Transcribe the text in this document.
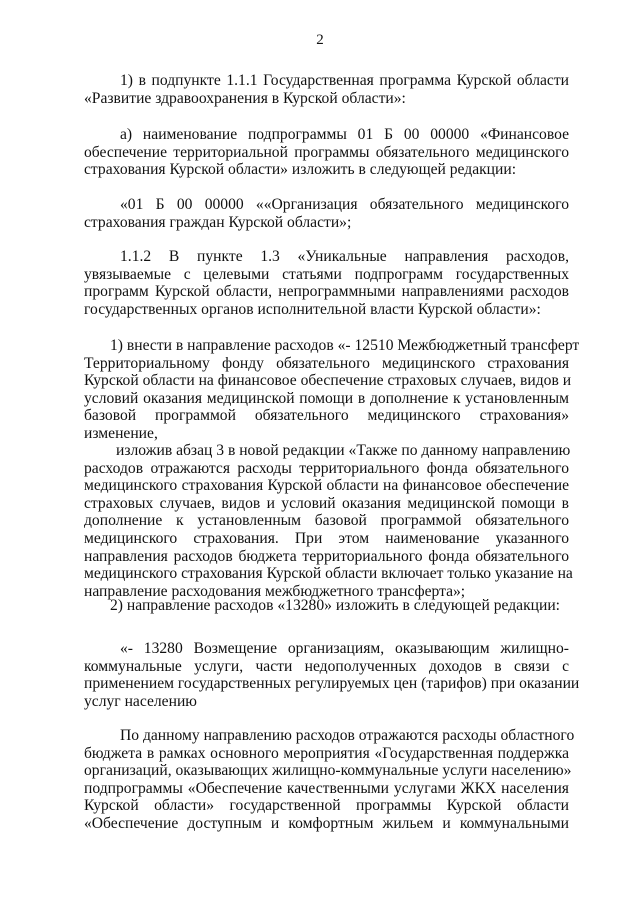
2
1) в подпункте 1.1.1 Государственная программа Курской области
«Развитие здравоохранения в Курской области»:
а) наименование подпрограммы 01 Б 00 00000 «Финансовое
обеспечение территориальной программы обязательного медицинского
страхования Курской области» изложить в следующей редакции:
«01 Б 00 00000 ««Организация обязательного медицинского
страхования граждан Курской области»;
1.1.2 В пункте 1.3 «Уникальные направления расходов,
увязываемые с целевыми статьями подпрограмм государственных
программ Курской области, непрограммными направлениями расходов
государственных органов исполнительной власти Курской области»:
1) внести в направление расходов «- 12510 Межбюджетный трансферт
Территориальному фонду обязательного медицинского страхования
Курской области на финансовое обеспечение страховых случаев, видов и
условий оказания медицинской помощи в дополнение к установленным
базовой программой обязательного медицинского страхования»
изменение,
изложив абзац 3 в новой редакции «Также по данному направлению
расходов отражаются расходы территориального фонда обязательного
медицинского страхования Курской области на финансовое обеспечение
страховых случаев, видов и условий оказания медицинской помощи в
дополнение к установленным базовой программой обязательного
медицинского страхования. При этом наименование указанного
направления расходов бюджета территориального фонда обязательного
медицинского страхования Курской области включает только указание на
направление расходования межбюджетного трансферта»;
2) направление расходов «13280» изложить в следующей редакции:
«- 13280 Возмещение организациям, оказывающим жилищно-
коммунальные услуги, части недополученных доходов в связи с
применением государственных регулируемых цен (тарифов) при оказании
услуг населению
По данному направлению расходов отражаются расходы областного
бюджета в рамках основного мероприятия «Государственная поддержка
организаций, оказывающих жилищно-коммунальные услуги населению»
подпрограммы «Обеспечение качественными услугами ЖКХ населения
Курской области» государственной программы Курской области
«Обеспечение доступным и комфортным жильем и коммунальными
